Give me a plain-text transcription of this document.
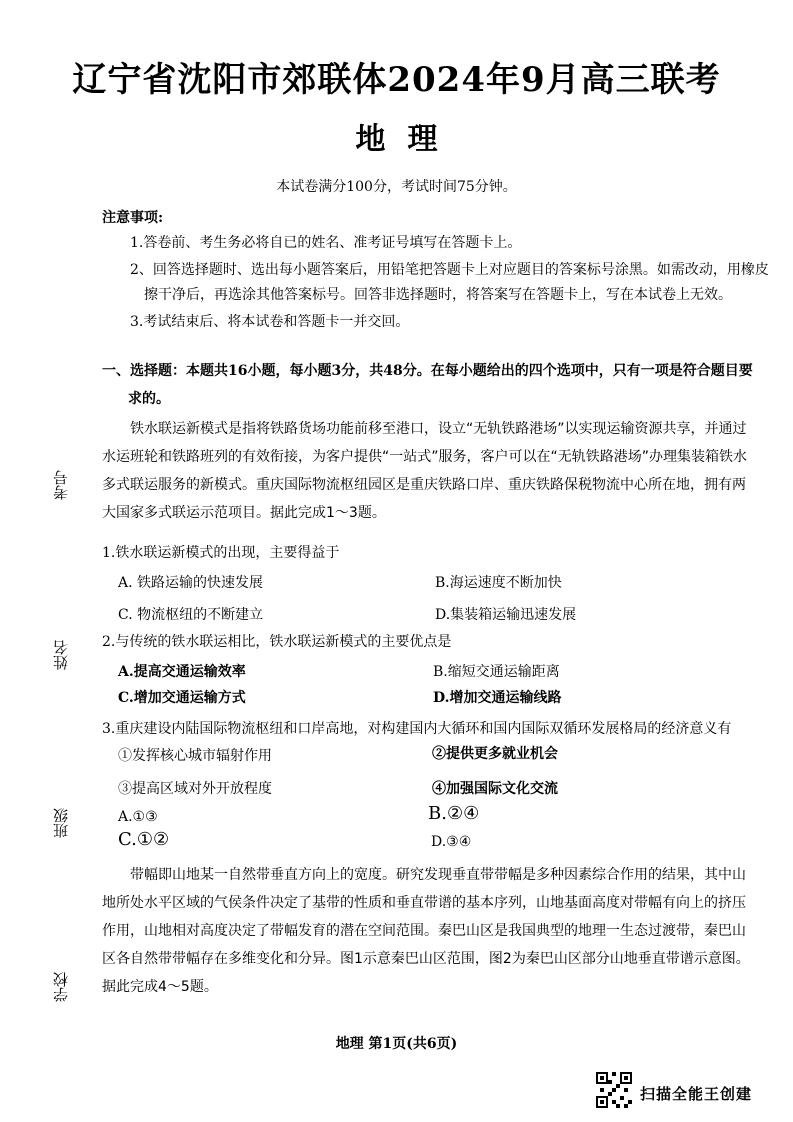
辽宁省沈阳市郊联体2024年9月高三联考
地理
本试卷满分100分，考试时间75分钟。
注意事项:
1.答卷前、考生务必将自已的姓名、准考证号填写在答题卡上。
2、回答选择题时、选出每小题答案后，用铅笔把答题卡上对应题目的答案标号涂黑。如需改动，用橡皮
擦干净后，再选涂其他答案标号。回答非选择题时，将答案写在答题卡上，写在本试卷上无效。
3.考试结束后、将本试卷和答题卡一并交回。
一、选择题：本题共16小题，每小题3分，共48分。在每小题给出的四个选项中，只有一项是符合题目要
求的。
铁水联运新模式是指将铁路货场功能前移至港口，设立“无轨铁路港场”以实现运输资源共享，并通过
水运班轮和铁路班列的有效衔接，为客户提供“一站式”服务，客户可以在“无轨铁路港场”办理集装箱铁水
多式联运服务的新模式。重庆国际物流枢纽园区是重庆铁路口岸、重庆铁路保税物流中心所在地，拥有两
大国家多式联运示范项目。据此完成1～3题。
1.铁水联运新模式的出现，主要得益于
A. 铁路运输的快速发展	B.海运速度不断加快
C. 物流枢纽的不断建立	D.集装箱运输迅速发展
2.与传统的铁水联运相比，铁水联运新模式的主要优点是
A.提高交通运输效率	B.缩短交通运输距离
C.增加交通运输方式	D.增加交通运输线路
3.重庆建设内陆国际物流枢纽和口岸高地，对构建国内大循环和国内国际双循环发展格局的经济意义有
①发挥核心城市辐射作用	②提供更多就业机会
③提高区域对外开放程度	④加强国际文化交流
A.①③	B.②④
C.①②	D.③④
带幅即山地某一自然带垂直方向上的宽度。研究发现垂直带带幅是多种因素综合作用的结果，其中山
地所处水平区域的气侯条件决定了基带的性质和垂直带谱的基本序列，山地基面高度对带幅有向上的挤压
作用，山地相对高度决定了带幅发育的潜在空间范围。秦巴山区是我国典型的地理一生态过渡带，秦巴山
区各自然带带幅存在多维变化和分异。图1示意秦巴山区范围，图2为秦巴山区部分山地垂直带谱示意图。
据此完成4～5题。
考号
姓名
班级
学校
地理 第1页(共6页)
扫描全能王创建
